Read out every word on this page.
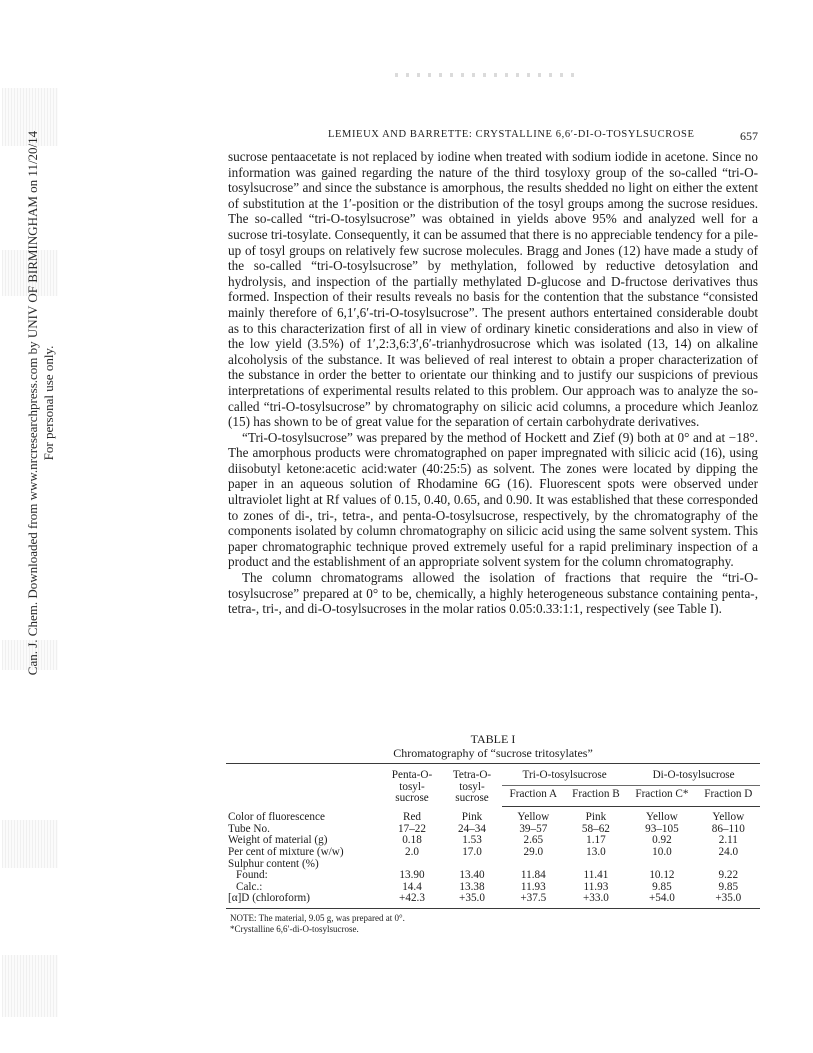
Can. J. Chem. Downloaded from www.nrcresearchpress.com by UNIV OF BIRMINGHAM on 11/20/14 For personal use only.
LEMIEUX AND BARRETTE: CRYSTALLINE 6,6′-DI-O-TOSYLSUCROSE	657

sucrose pentaacetate is not replaced by iodine when treated with sodium iodide in acetone. Since no information was gained regarding the nature of the third tosyloxy group of the so-called “tri-O-tosylsucrose” and since the substance is amorphous, the results shedded no light on either the extent of substitution at the 1′-position or the distribution of the tosyl groups among the sucrose residues. The so-called “tri-O-tosylsucrose” was obtained in yields above 95% and analyzed well for a sucrose tri-tosylate. Consequently, it can be assumed that there is no appreciable tendency for a pile-up of tosyl groups on relatively few sucrose molecules. Bragg and Jones (12) have made a study of the so-called “tri-O-tosylsucrose” by methylation, followed by reductive detosylation and hydrolysis, and inspection of the partially methylated D-glucose and D-fructose derivatives thus formed. Inspection of their results reveals no basis for the contention that the substance “consisted mainly therefore of 6,1′,6′-tri-O-tosylsucrose”. The present authors entertained considerable doubt as to this characterization first of all in view of ordinary kinetic considerations and also in view of the low yield (3.5%) of 1′,2:3,6:3′,6′-trianhydrosucrose which was isolated (13, 14) on alkaline alcoholysis of the substance. It was believed of real interest to obtain a proper characterization of the substance in order the better to orientate our thinking and to justify our suspicions of previous interpretations of experimental results related to this problem. Our approach was to analyze the so-called “tri-O-tosylsucrose” by chromatography on silicic acid columns, a procedure which Jeanloz (15) has shown to be of great value for the separation of certain carbohydrate derivatives.

“Tri-O-tosylsucrose” was prepared by the method of Hockett and Zief (9) both at 0° and at −18°. The amorphous products were chromatographed on paper impregnated with silicic acid (16), using diisobutyl ketone:acetic acid:water (40:25:5) as solvent. The zones were located by dipping the paper in an aqueous solution of Rhodamine 6G (16). Fluorescent spots were observed under ultraviolet light at Rf values of 0.15, 0.40, 0.65, and 0.90. It was established that these corresponded to zones of di-, tri-, tetra-, and penta-O-tosylsucrose, respectively, by the chromatography of the components isolated by column chromatography on silicic acid using the same solvent system. This paper chromatographic technique proved extremely useful for a rapid preliminary inspection of a product and the establishment of an appropriate solvent system for the column chromatography.

The column chromatograms allowed the isolation of fractions that require the “tri-O-tosylsucrose” prepared at 0° to be, chemically, a highly heterogeneous substance containing penta-, tetra-, tri-, and di-O-tosylsucroses in the molar ratios 0.05:0.33:1:1, respectively (see Table I).

TABLE I
Chromatography of “sucrose tritosylates”
	Penta-O-tosyl-sucrose	Tetra-O-tosyl-sucrose	Tri-O-tosylsucrose		Di-O-tosylsucrose	
			Fraction A	Fraction B	Fraction C*	Fraction D
Color of fluorescence	Red	Pink	Yellow	Pink	Yellow	Yellow
Tube No.	17–22	24–34	39–57	58–62	93–105	86–110
Weight of material (g)	0.18	1.53	2.65	1.17	0.92	2.11
Per cent of mixture (w/w)	2.0	17.0	29.0	13.0	10.0	24.0
Sulphur content (%)						
Found:	13.90	13.40	11.84	11.41	10.12	9.22
Calc.:	14.4	13.38	11.93	11.93	9.85	9.85
[α]D (chloroform)	+42.3	+35.0	+37.5	+33.0	+54.0	+35.0
NOTE: The material, 9.05 g, was prepared at 0°.
*Crystalline 6,6′-di-O-tosylsucrose.
